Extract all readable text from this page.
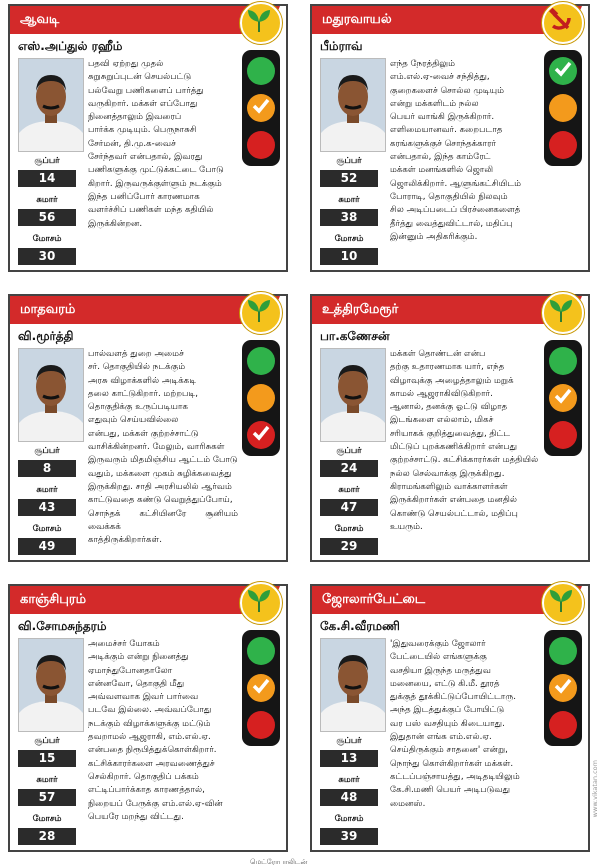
ஆவடி
எஸ்.அப்துல் ரஹீம்
பதவி ஏற்றது முதல்
சுறுசுறுப்புடன் செயல்பட்டு
பல்வேறு பணிகளைப் பார்த்து
வருகிறார். மக்கள் எப்போது
நினைத்தாலும் இவரைப்
பார்க்க முடியும். பெருநாசுசி
சேர்மன், தி.மு.க-வைச்
சேர்ந்தவர் என்பதால், இவரது
பணிகளுக்கு முட்டுக்கட்டை போடு
கிறார். இருவருக்குள்ளும் நடக்கும்
இந்த பனிப்போர் காரணமாக
வளர்ச்சிப் பணிகள் மந்த கதியில்
இருக்கின்றன.
சூப்பர்
14
சுமார்
56
மோசம்
30
மதுரவாயல்
பீம்ராவ்
எந்த நேரத்திலும்
எம்.எல்.ஏ-வைச் சந்தித்து,
குறைகளைச் சொல்ல முடியும்
என்று மக்களிடம் நல்ல
பெயர் வாங்கி இருக்கிறார்.
எளிமையானவர். கறைபடாத
கரங்களுக்குச் சொந்தக்காரர்
என்பதால், இந்த காம்ரேட்
மக்கள் மனங்களில் ஜொலி
ஜொலிக்கிறார். ஆளுங்கட்சியிடம்
போராடி, தொகுதியில் நிலவும்
சில அடிப்படைப் பிரச்னைகளைத்
தீர்த்து வைத்துவிட்டால், மதிப்பு
இன்னும் அதிகரிக்கும்.
சூப்பர்
52
சுமார்
38
மோசம்
10
மாதவரம்
வி.மூர்த்தி
பால்வளத் துறை அமைச்
சர். தொகுதியில் நடக்கும்
அரசு விழாக்களில் அடிக்கடி
தலை காட்டுகிறார். மற்றபடி,
தொகுதிக்கு உருப்படியாக
எதுவும் செய்யவில்லை
என்பது, மக்கள் குற்றச்சாட்டு
வாசிக்கின்றனர். மேலும், வாரிசுகள்
இருவரும் மிதமிஞ்சிய ஆட்டம் போடு
வதும், மக்களை முகம் சுழிக்கவைத்து
இருக்கிறது. சாதி அரசியலில் ஆர்வம்
காட்டுவதை கண்டு வெறுத்துப்போய்,
சொந்தக் கட்சியினரே சூனியம் வைக்கக்
காத்திருக்கிறார்கள்.
சூப்பர்
8
சுமார்
43
மோசம்
49
உத்திரமேரூர்
பா.கணேசன்
மக்கள் தொண்டன் என்ப
தற்கு உதாரணமாக யார், எந்த
விழாவுக்கு அழைத்தாலும் மறுக்
காமல் ஆஜராகிவிடுகிறார்.
ஆனால், தனக்கு ஓட்டு விழாத
இடங்களை எல்லாம், மிகச்
சரியாகக் குறித்துவைத்து, திட்ட
மிட்டுப் புறக்கணிக்கிறார் என்பது
குற்றச்சாட்டு. கட்சிக்காரர்கள் மத்தியில்
நல்ல செல்வாக்கு இருக்கிறது.
கிராமங்களிலும் வாக்காளர்கள்
இருக்கிறார்கள் என்பதை மனதில்
கொண்டு செயல்பட்டால், மதிப்பு
உயரும்.
சூப்பர்
24
சுமார்
47
மோசம்
29
காஞ்சிபுரம்
வி.சோமசுந்தரம்
அமைச்சர் யோகம்
அடிக்கும் என்று நினைத்து
ஏமாந்துபோனதாலோ
என்னவோ, தொகுதி மீது
அவ்வளவாக இவர் பார்வை
படவே இல்லை. அவ்வப்போது
நடக்கும் விழாக்களுக்கு மட்டும்
தவறாமல் ஆஜராகி, எம்.எல்.ஏ.
என்பதை நிரூபித்துக்கொள்கிறார்.
கட்சிக்காரர்களை அரவணைத்துச்
செல்கிறார். தொகுதிப் பக்கம்
எட்டிப்பார்க்காத காரணத்தால்,
நிறையப் பேருக்கு எம்.எல்.ஏ-வின்
பெயரே மறந்து விட்டது.
சூப்பர்
15
சுமார்
57
மோசம்
28
ஜோலார்பேட்டை
கே.சி.வீரமணி
'இதுவரைக்கும் ஜோலார்
பேட்டையில் எங்களுக்கு
வசதியா இருந்த மருத்துவ
மனையை, எட்டு கி.மீ. தூரத்
துக்குத் தூக்கிட்டுப்போயிட்டாரு.
அந்த இடத்துக்குப் போயிட்டு
வர பஸ் வசதியும் கிடையாது.
இதுதான் எங்க எம்.எல்.ஏ.
செய்திருக்கும் சாதனை' என்று,
நொந்து கொள்கிறார்கள் மக்கள்.
கட்டப்பஞ்சாயத்து, அடிதடியிலும்
கே.சி.மணி பெயர் அடிபடுவது
மைனஸ்.
சூப்பர்
13
சுமார்
48
மோசம்
39
மெட்ரோபாலிடன்
www.vikatan.com
